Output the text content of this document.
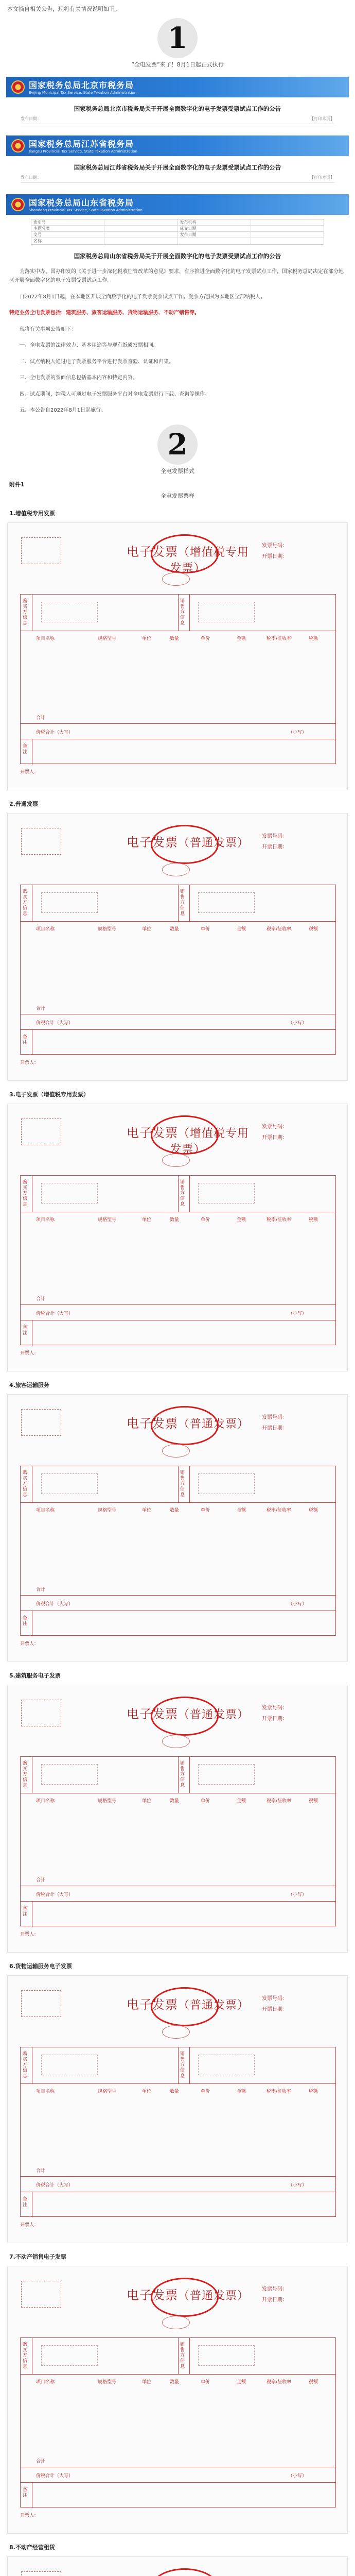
本文摘自相关公告，现将有关情况说明如下。
1
“全电发票”来了！8月1日起正式执行
国家税务总局北京市税务局
Beijing Municipal Tax Service, State Taxation Administration
国家税务总局北京市税务局关于开展全面数字化的电子发票受票试点工作的公告
发布日期：	【打印本页】
国家税务总局江苏省税务局
Jiangsu Provincial Tax Service, State Taxation Administration
国家税务总局江苏省税务局关于开展全面数字化的电子发票受票试点工作的公告
发布日期：	【打印本页】
国家税务总局山东省税务局
Shandong Provincial Tax Service, State Taxation Administration
索引号	发布机构
主题分类	成文日期
文号	发布日期
名称
国家税务总局山东省税务局关于开展全面数字化的电子发票受票试点工作的公告
为落实中办、国办印发的《关于进一步深化税收征管改革的意见》要求，有序推进全面数字化的电子发票试点工作，国家税务总局决定在部分地区开展全面数字化的电子发票受票试点工作。
自2022年8月1日起，在本地区开展全面数字化的电子发票受票试点工作。受票方范围为本地区全部纳税人。
特定业务全电发票包括：建筑服务、旅客运输服务、货物运输服务、不动产销售等。
现将有关事项公告如下：
一、全电发票的法律效力、基本用途等与现有纸质发票相同。
二、试点纳税人通过电子发票服务平台进行发票查验、认证和归集。
三、全电发票的票面信息包括基本内容和特定内容。
四、试点期间，纳税人可通过电子发票服务平台对全电发票进行下载、查询等操作。
五、本公告自2022年8月1日起施行。
2
全电发票样式
附件1
全电发票票样
1.增值税专用发票
电子发票（增值税专用发票）
发票号码：
开票日期：
购买方信息
销售方信息
项目名称	规格型号	单位	数量	单价	金额	税率/征收率	税额
合计
价税合计（大写）	（小写）
备注
开票人：
2.普通发票
电子发票（普通发票）
发票号码：
开票日期：
购买方信息
销售方信息
项目名称	规格型号	单位	数量	单价	金额	税率/征收率	税额
合计
价税合计（大写）	（小写）
备注
开票人：
3.电子发票（增值税专用发票）
电子发票（增值税专用发票）
发票号码：
开票日期：
购买方信息
销售方信息
项目名称	规格型号	单位	数量	单价	金额	税率/征收率	税额
合计
价税合计（大写）	（小写）
备注
开票人：
4.旅客运输服务
电子发票（普通发票）
发票号码：
开票日期：
购买方信息
销售方信息
项目名称	规格型号	单位	数量	单价	金额	税率/征收率	税额
合计
价税合计（大写）	（小写）
备注
开票人：
5.建筑服务电子发票
电子发票（普通发票）
发票号码：
开票日期：
购买方信息
销售方信息
项目名称	规格型号	单位	数量	单价	金额	税率/征收率	税额
合计
价税合计（大写）	（小写）
备注
开票人：
6.货物运输服务电子发票
电子发票（普通发票）
发票号码：
开票日期：
购买方信息
销售方信息
项目名称	规格型号	单位	数量	单价	金额	税率/征收率	税额
合计
价税合计（大写）	（小写）
备注
开票人：
7.不动产销售电子发票
电子发票（普通发票）
发票号码：
开票日期：
购买方信息
销售方信息
项目名称	规格型号	单位	数量	单价	金额	税率/征收率	税额
合计
价税合计（大写）	（小写）
备注
开票人：
8.不动产经营租赁
